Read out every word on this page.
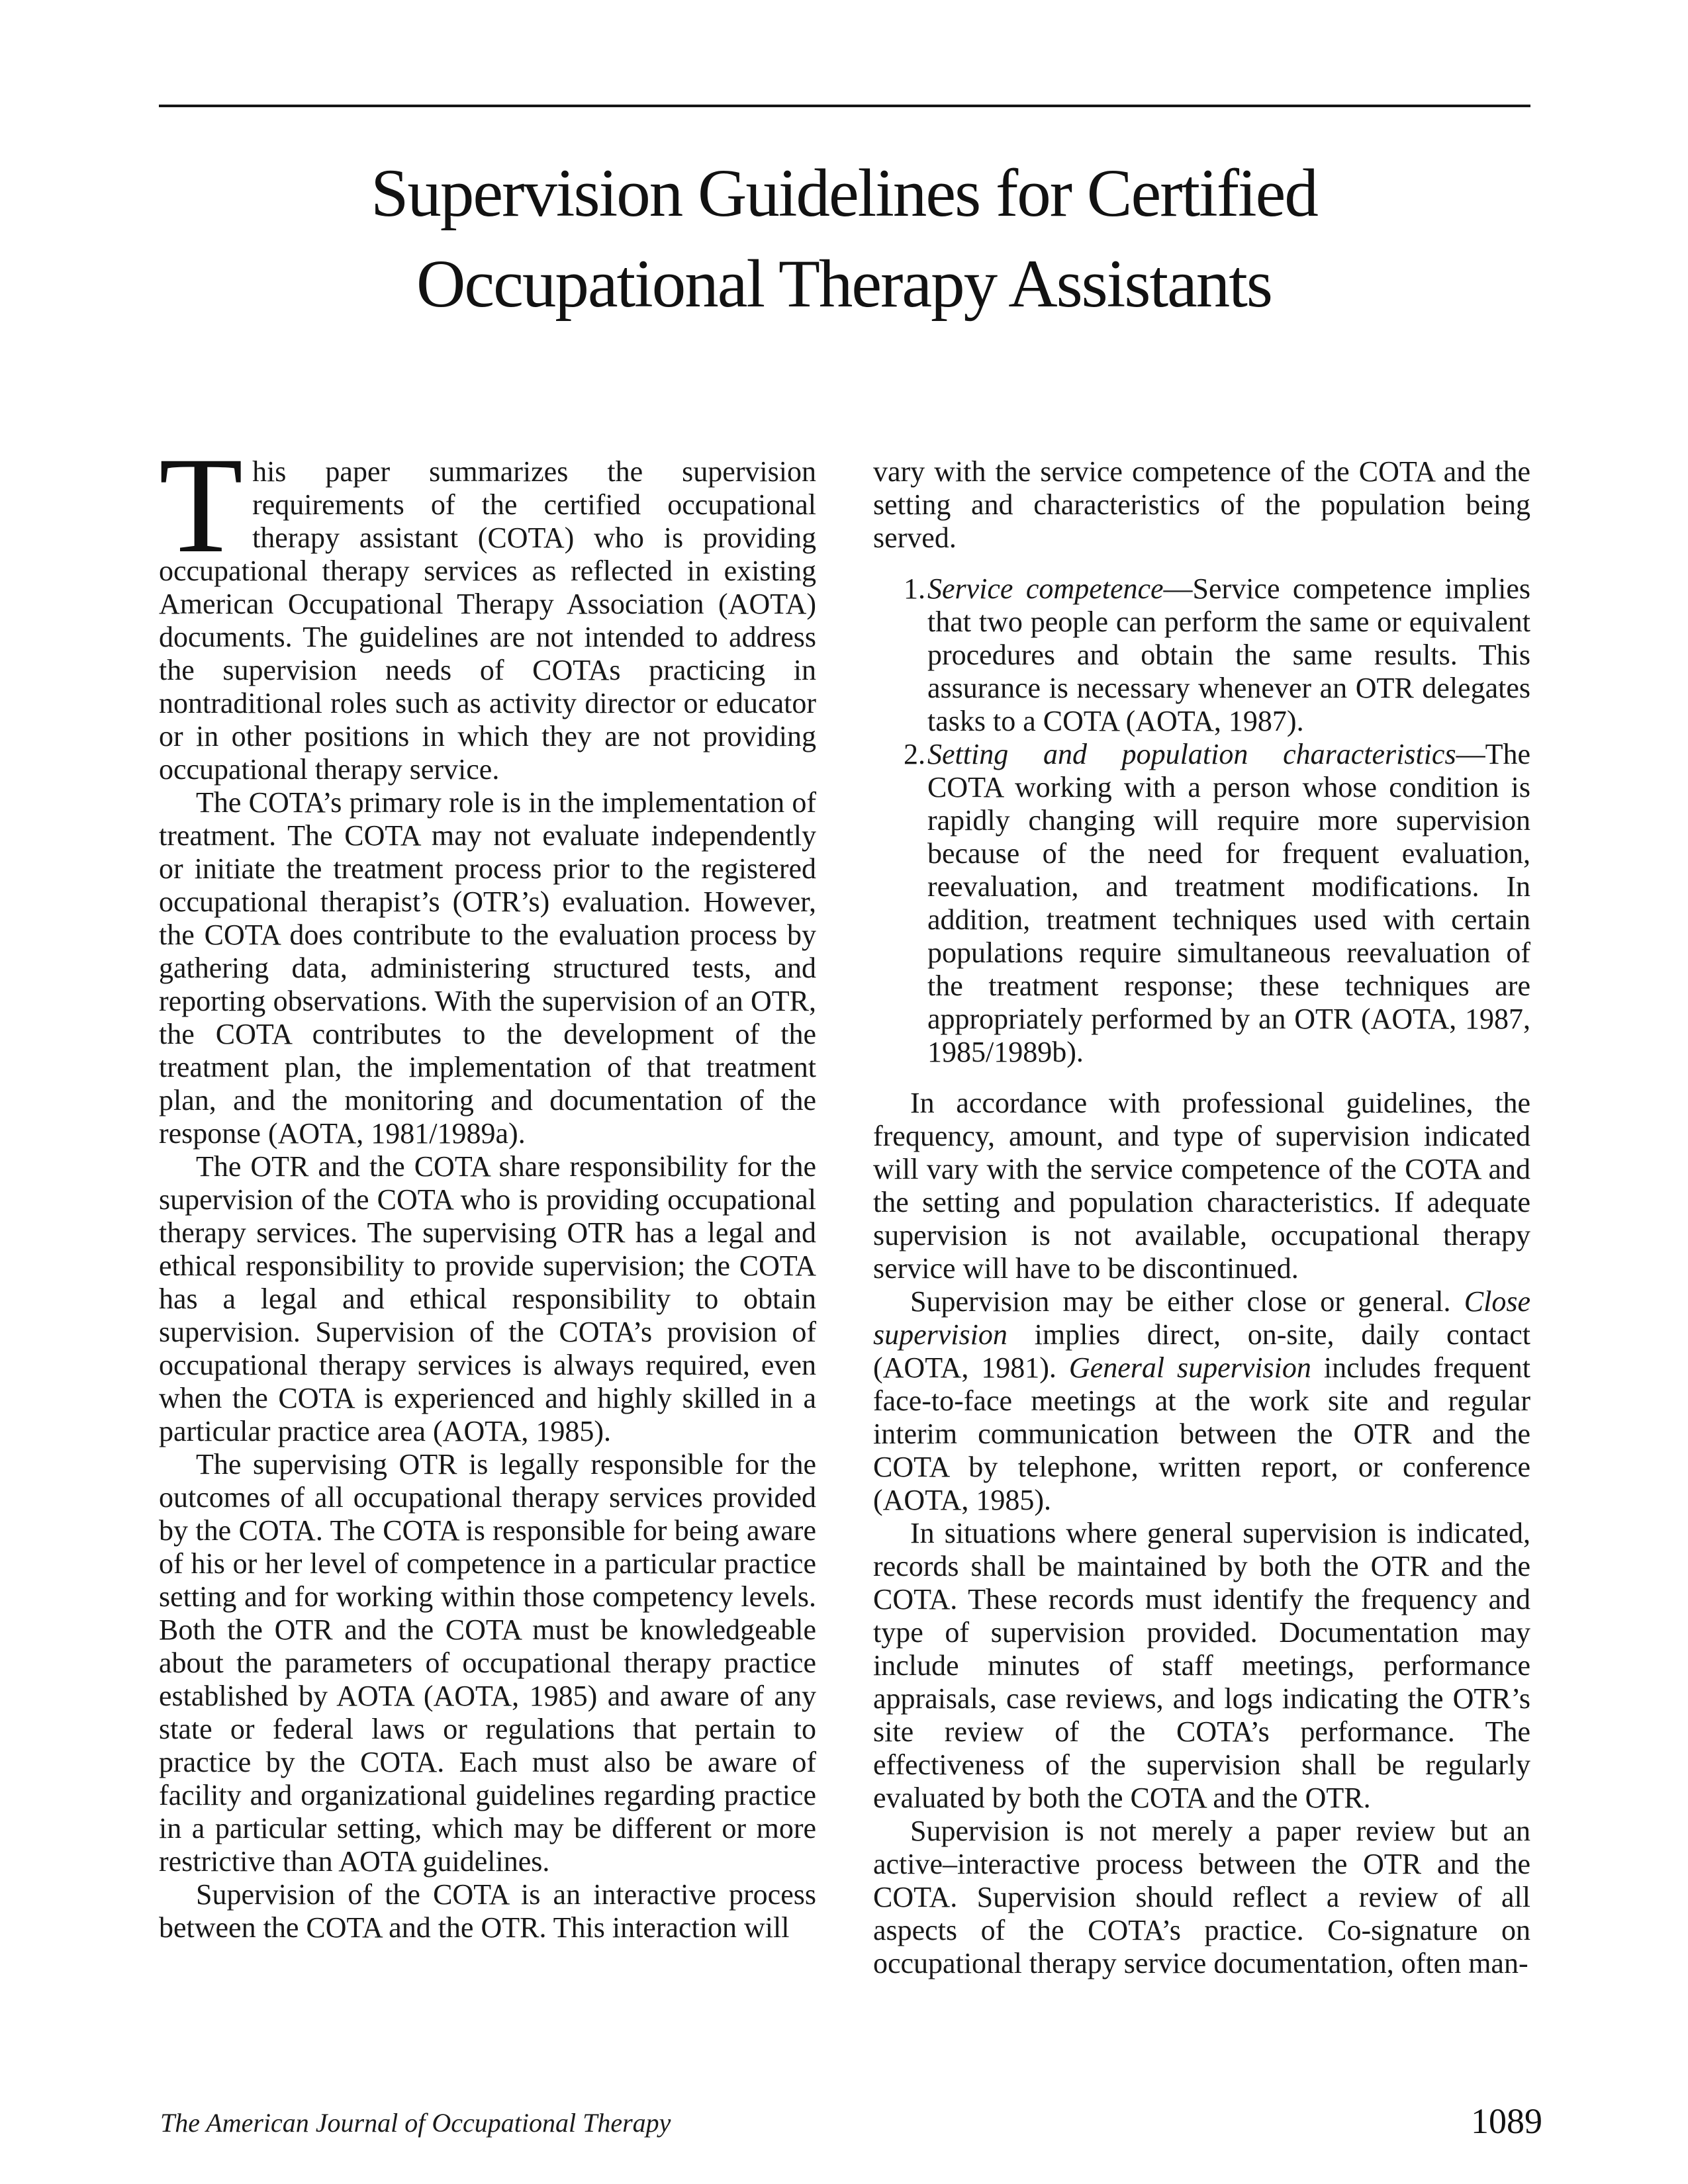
Supervision Guidelines for Certified
Occupational Therapy Assistants

This paper summarizes the supervision requirements of the certified occupational therapy assistant (COTA) who is providing occupational therapy services as reflected in existing American Occupational Therapy Association (AOTA) documents. The guidelines are not intended to address the supervision needs of COTAs practicing in nontraditional roles such as activity director or educator or in other positions in which they are not providing occupational therapy service.

The COTA’s primary role is in the implementation of treatment. The COTA may not evaluate independently or initiate the treatment process prior to the registered occupational therapist’s (OTR’s) evaluation. However, the COTA does contribute to the evaluation process by gathering data, administering structured tests, and reporting observations. With the supervision of an OTR, the COTA contributes to the development of the treatment plan, the implementation of that treatment plan, and the monitoring and documentation of the response (AOTA, 1981/1989a).

The OTR and the COTA share responsibility for the supervision of the COTA who is providing occupational therapy services. The supervising OTR has a legal and ethical responsibility to provide supervision; the COTA has a legal and ethical responsibility to obtain supervision. Supervision of the COTA’s provision of occupational therapy services is always required, even when the COTA is experienced and highly skilled in a particular practice area (AOTA, 1985).

The supervising OTR is legally responsible for the outcomes of all occupational therapy services provided by the COTA. The COTA is responsible for being aware of his or her level of competence in a particular practice setting and for working within those competency levels. Both the OTR and the COTA must be knowledgeable about the parameters of occupational therapy practice established by AOTA (AOTA, 1985) and aware of any state or federal laws or regulations that pertain to practice by the COTA. Each must also be aware of facility and organizational guidelines regarding practice in a particular setting, which may be different or more restrictive than AOTA guidelines.

Supervision of the COTA is an interactive process between the COTA and the OTR. This interaction will

vary with the service competence of the COTA and the setting and characteristics of the population being served.

1. Service competence—Service competence implies that two people can perform the same or equivalent procedures and obtain the same results. This assurance is necessary whenever an OTR delegates tasks to a COTA (AOTA, 1987).
2. Setting and population characteristics—The COTA working with a person whose condition is rapidly changing will require more supervision because of the need for frequent evaluation, reevaluation, and treatment modifications. In addition, treatment techniques used with certain populations require simultaneous reevaluation of the treatment response; these techniques are appropriately performed by an OTR (AOTA, 1987, 1985/1989b).

In accordance with professional guidelines, the frequency, amount, and type of supervision indicated will vary with the service competence of the COTA and the setting and population characteristics. If adequate supervision is not available, occupational therapy service will have to be discontinued.

Supervision may be either close or general. Close supervision implies direct, on-site, daily contact (AOTA, 1981). General supervision includes frequent face-to-face meetings at the work site and regular interim communication between the OTR and the COTA by telephone, written report, or conference (AOTA, 1985).

In situations where general supervision is indicated, records shall be maintained by both the OTR and the COTA. These records must identify the frequency and type of supervision provided. Documentation may include minutes of staff meetings, performance appraisals, case reviews, and logs indicating the OTR’s site review of the COTA’s performance. The effectiveness of the supervision shall be regularly evaluated by both the COTA and the OTR.

Supervision is not merely a paper review but an active–interactive process between the OTR and the COTA. Supervision should reflect a review of all aspects of the COTA’s practice. Co-signature on occupational therapy service documentation, often man-

The American Journal of Occupational Therapy	1089
